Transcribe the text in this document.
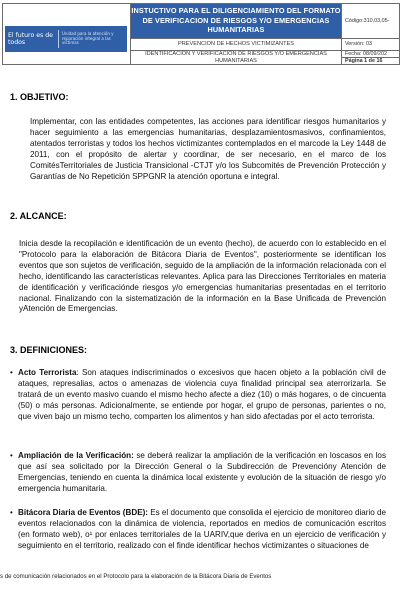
El futuro es de todos
Unidad para la atención y reparación integral a las víctimas
INSTUCTIVO PARA EL DILIGENCIAMIENTO DEL FORMATO DE VERIFICACION DE RIESGOS Y/O EMERGENCIAS HUMANITARIAS
PREVENCION DE HECHOS VICTIMIZANTES
IDENTIFICACIÓN Y VERIFICACIÓN DE RIESGOS Y/O EMERGENCIAS HUMANITARIAS
Código:310,03,05-
Versión: 03
Fecha: 08/09/202
Página 1 de 16
1. OBJETIVO:
Implementar, con las entidades competentes, las acciones para identificar riesgos humanitarios y hacer seguimiento a las emergencias humanitarias, desplazamientosmasivos, confinamientos, atentados terroristas y todos los hechos victimizantes contemplados en el marcode la Ley 1448 de 2011, con el propósito de alertar y coordinar, de ser necesario, en el marco de los ComitésTerritoriales de Justicia Transicional -CTJT y/o los Subcomités de Prevención Protección y Garantías de No Repetición SPPGNR la atención oportuna e integral.
2. ALCANCE:
Inicia desde la recopilación e identificación de un evento (hecho), de acuerdo con lo establecido en el "Protocolo para la elaboración de Bitácora Diaria de Eventos", posteriormente se identifican los eventos que son sujetos de verificación, seguido de la ampliación de la información relacionada con el hecho, identificando las características relevantes. Aplica para las Direcciones Territoriales en materia de identificación y verificaciónde riesgos y/o emergencias humanitarias presentadas en el territorio nacional. Finalizando con la sistematización de la información en la Base Unificada de Prevención yAtención de Emergencias.
3. DEFINICIONES:
• Acto Terrorista: Son ataques indiscriminados o excesivos que hacen objeto a la población civil de ataques, represalias, actos o amenazas de violencia cuya finalidad principal sea aterrorizarla. Se tratará de un evento masivo cuando el mismo hecho afecte a diez (10) o más hogares, o de cincuenta (50) o más personas. Adicionalmente, se entiende por hogar, el grupo de personas, parientes o no, que viven bajo un mismo techo, comparten los alimentos y han sido afectadas por el acto terrorista.
• Ampliación de la Verificación: se deberá realizar la ampliación de la verificación en loscasos en los que así sea solicitado por la Dirección General o la Subdirección de Prevencióny Atención de Emergencias, teniendo en cuenta la dinámica local existente y evolución de la situación de riesgo y/o emergencia humanitaria.
• Bitácora Diaria de Eventos (BDE): Es el documento que consolida el ejercicio de monitoreo diario de eventos relacionados con la dinámica de violencia, reportados en medios de comunicación escritos (en formato web), o¹ por enlaces territoriales de la UARIV,que deriva en un ejercicio de verificación y seguimiento en el territorio, realizado con el finde identificar hechos victimizantes o situaciones de
s de comunicación relacionados en el Protocolo para la elaboración de la Bitácora Diaria de Eventos
